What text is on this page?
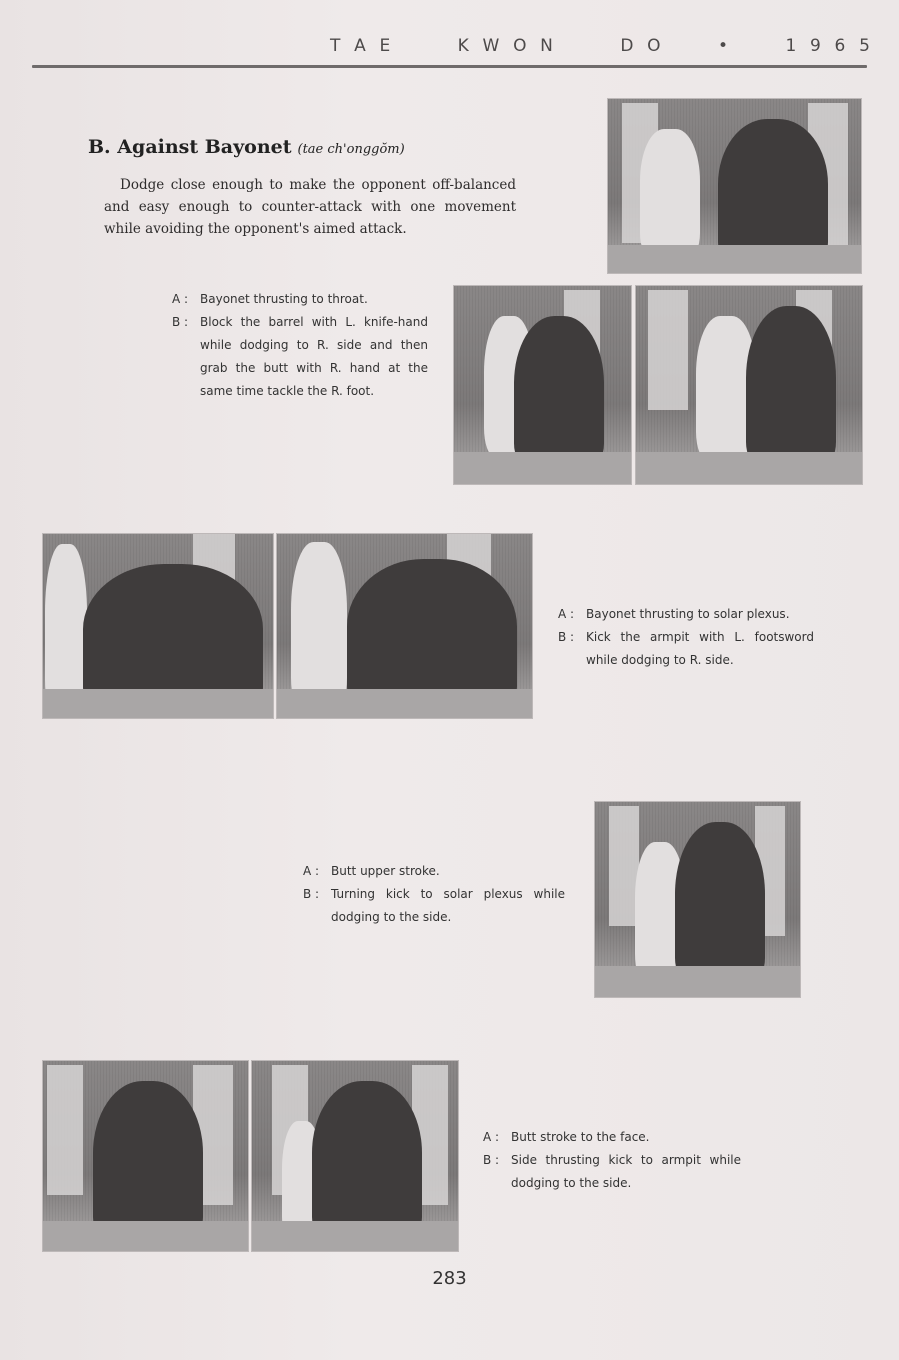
T A E	K W O N	D O	•	1 9 6 5
B. Against Bayonet (tae ch'onggŏm)

Dodge close enough to make the opponent off-balanced and easy enough to counter-attack with one movement while avoiding the opponent's aimed attack.

A : Bayonet thrusting to throat.
B : Block the barrel with L. knife-hand while dodging to R. side and then grab the butt with R. hand at the same time tackle the R. foot.
A : Bayonet thrusting to solar plexus.
B : Kick the armpit with L. footsword while dodging to R. side.
A : Butt upper stroke.
B : Turning kick to solar plexus while dodging to the side.
A : Butt stroke to the face.
B : Side thrusting kick to armpit while dodging to the side.
283
